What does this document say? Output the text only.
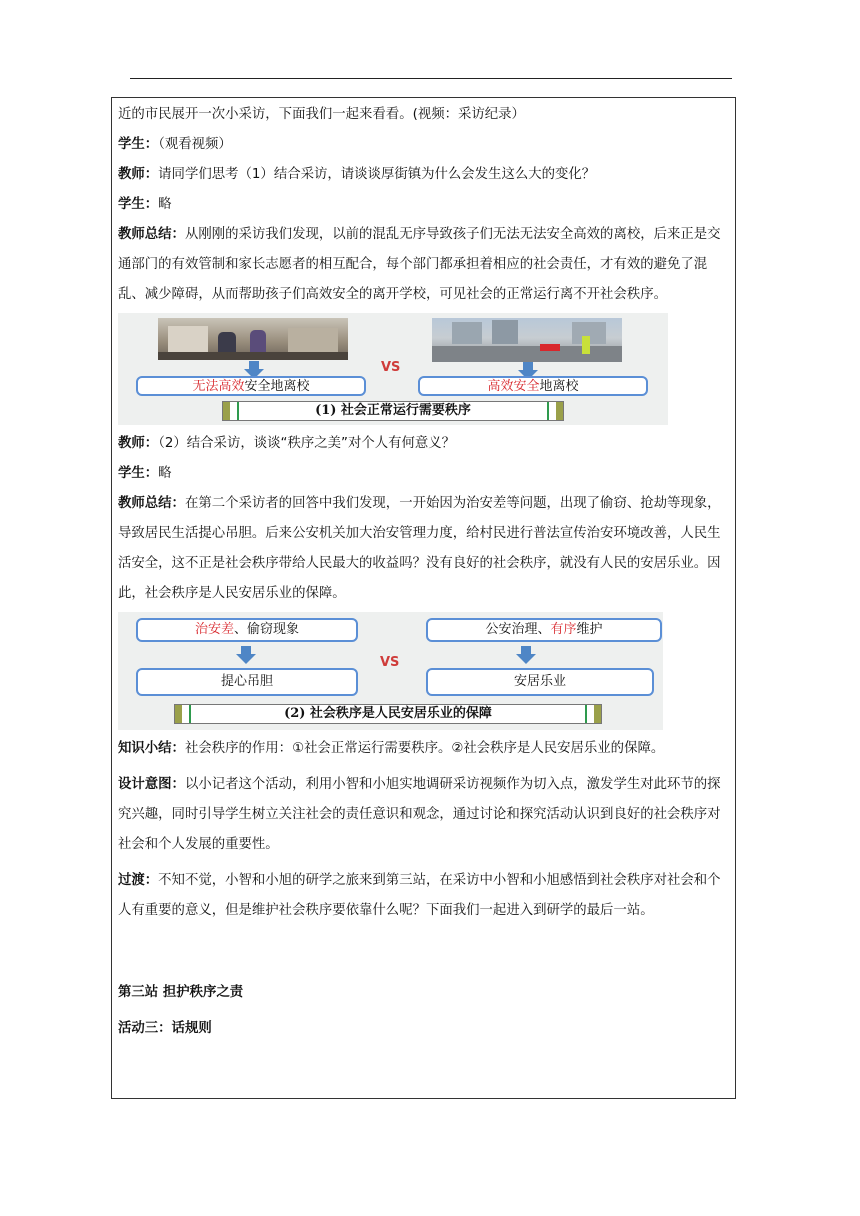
近的市民展开一次小采访，下面我们一起来看看。(视频：采访纪录）

学生：（观看视频）

教师：请同学们思考（1）结合采访，请谈谈厚街镇为什么会发生这么大的变化？

学生：略

教师总结：从刚刚的采访我们发现，以前的混乱无序导致孩子们无法无法安全高效的离校，后来正是交通部门的有效管制和家长志愿者的相互配合，每个部门都承担着相应的社会责任，才有效的避免了混乱、减少障碍，从而帮助孩子们高效安全的离开学校，可见社会的正常运行离不开社会秩序。

无法高效安全地离校
VS
高效安全地离校
(1) 社会正常运行需要秩序

教师：（2）结合采访，谈谈“秩序之美”对个人有何意义？

学生：略

教师总结：在第二个采访者的回答中我们发现，一开始因为治安差等问题，出现了偷窃、抢劫等现象，导致居民生活提心吊胆。后来公安机关加大治安管理力度，给村民进行普法宣传治安环境改善，人民生活安全，这不正是社会秩序带给人民最大的收益吗？没有良好的社会秩序，就没有人民的安居乐业。因此，社会秩序是人民安居乐业的保障。

治安差、偷窃现象
提心吊胆
VS
公安治理、有序维护
安居乐业
(2) 社会秩序是人民安居乐业的保障

知识小结：社会秩序的作用：①社会正常运行需要秩序。②社会秩序是人民安居乐业的保障。

设计意图：以小记者这个活动，利用小智和小旭实地调研采访视频作为切入点，激发学生对此环节的探究兴趣，同时引导学生树立关注社会的责任意识和观念，通过讨论和探究活动认识到良好的社会秩序对社会和个人发展的重要性。

过渡：不知不觉，小智和小旭的研学之旅来到第三站，在采访中小智和小旭感悟到社会秩序对社会和个人有重要的意义，但是维护社会秩序要依靠什么呢？下面我们一起进入到研学的最后一站。

第三站 担护秩序之责

活动三：话规则
